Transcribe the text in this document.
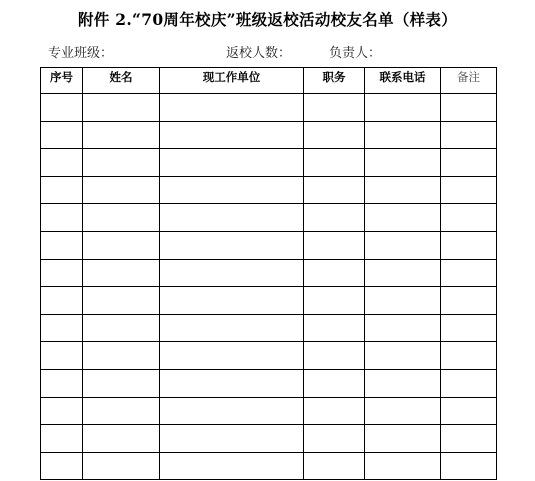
附件 2.“70周年校庆”班级返校活动校友名单（样表）
专业班级：	返校人数：	负责人：
序号	姓名	现工作单位	职务	联系电话	备注
